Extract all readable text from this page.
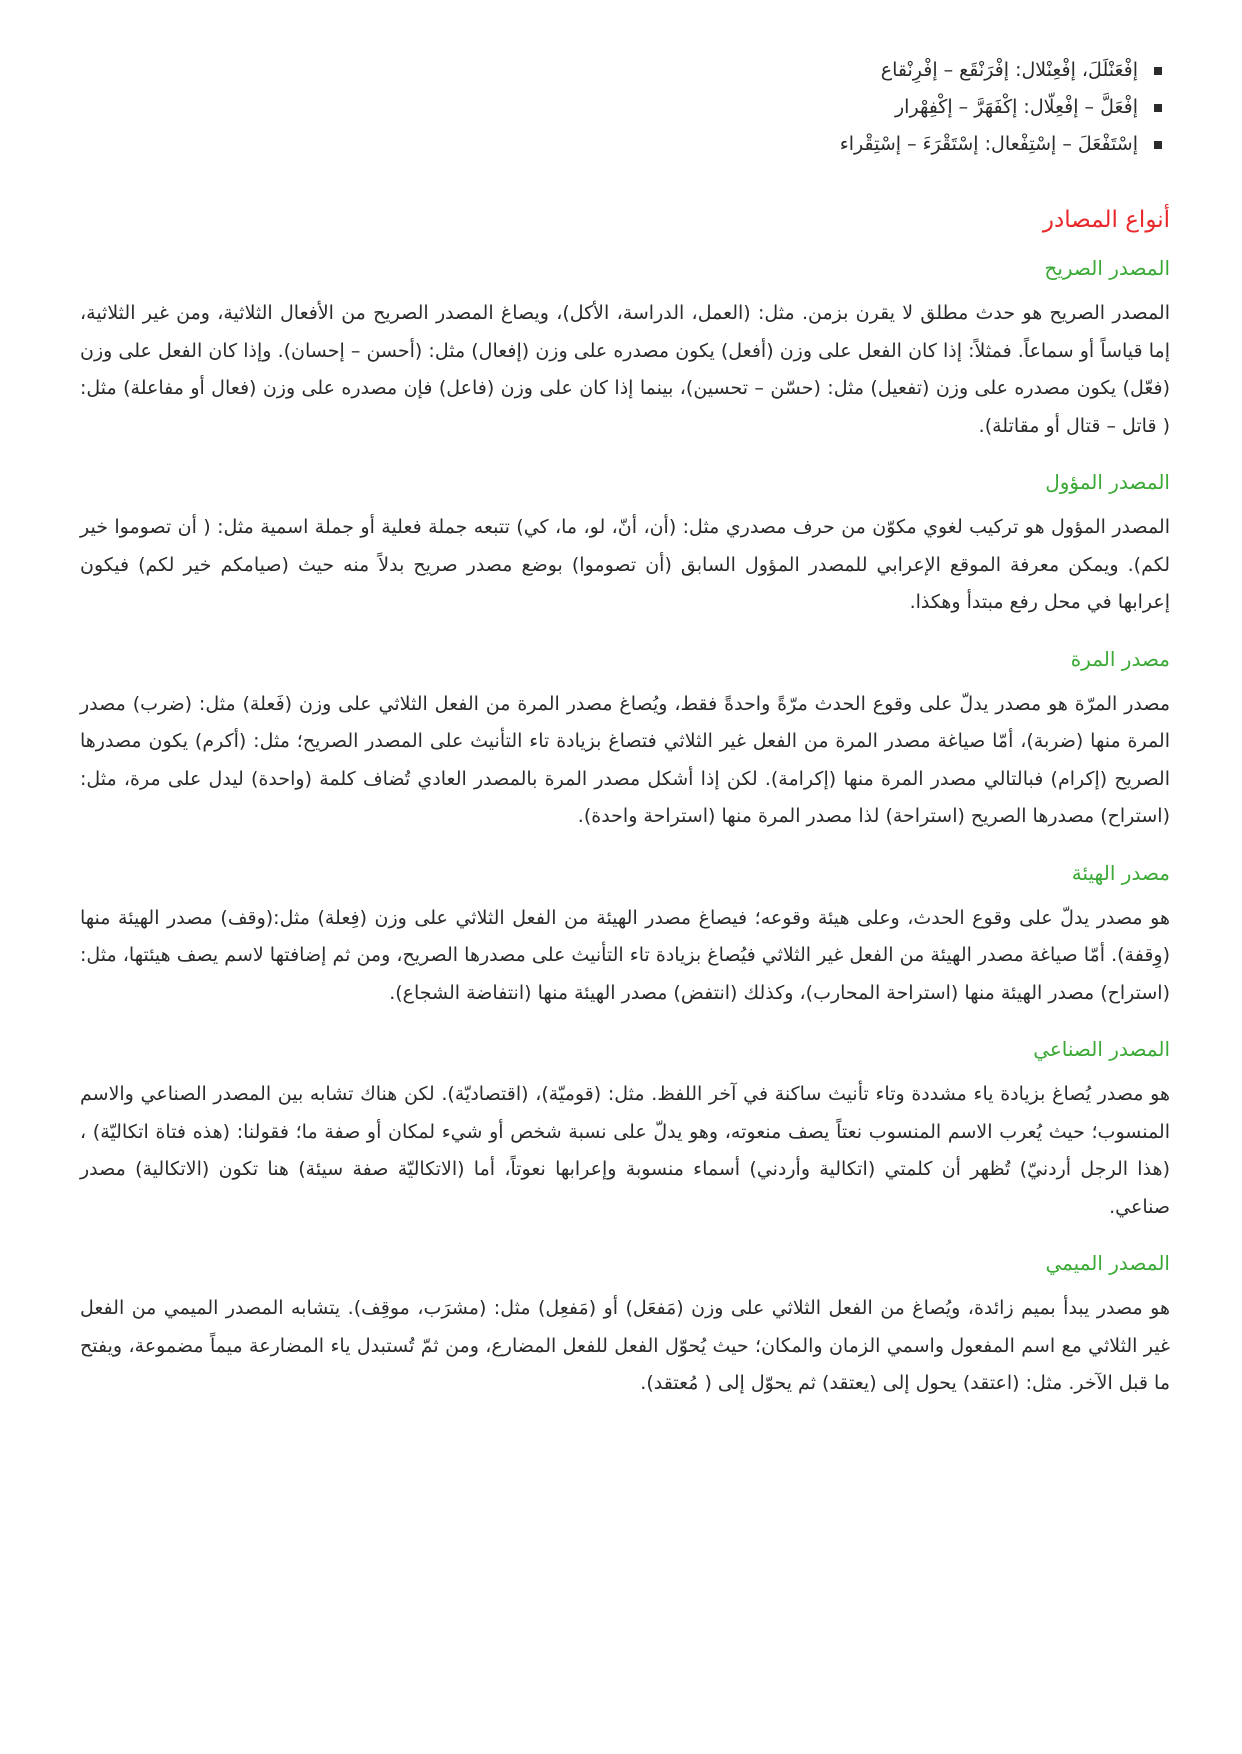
إفْعَنْلَلَ، إفْعِنْلال: إفْرَنْقَع – إفْرِنْقاع
إفْعَلَّ – إفْعِلّال: إكْفَهَرَّ – إكْفِهْرار
إسْتَفْعَلَ – إسْتِفْعال: إسْتَقْرَءَ – إسْتِقْراء
أنواع المصادر
المصدر الصريح

المصدر الصريح هو حدث مطلق لا يقرن بزمن. مثل: (العمل، الدراسة، الأكل)، ويصاغ المصدر الصريح من الأفعال الثلاثية، ومن غير الثلاثية، إما قياساً أو سماعاً. فمثلاً: إذا كان الفعل على وزن (أفعل) يكون مصدره على وزن (إفعال) مثل: (أحسن – إحسان). وإذا كان الفعل على وزن (فعّل) يكون مصدره على وزن (تفعيل) مثل: (حسّن – تحسين)، بينما إذا كان على وزن (فاعل) فإن مصدره على وزن (فعال أو مفاعلة) مثل: ( قاتل – قتال أو مقاتلة).

المصدر المؤول

المصدر المؤول هو تركيب لغوي مكوّن من حرف مصدري مثل: (أن، أنّ، لو، ما، كي) تتبعه جملة فعلية أو جملة اسمية مثل: ( أن تصوموا خير لكم). ويمكن معرفة الموقع الإعرابي للمصدر المؤول السابق (أن تصوموا) بوضع مصدر صريح بدلاً منه حيث (صيامكم خير لكم) فيكون إعرابها في محل رفع مبتدأ وهكذا.

مصدر المرة

مصدر المرّة هو مصدر يدلّ على وقوع الحدث مرّةً واحدةً فقط، ويُصاغ مصدر المرة من الفعل الثلاثي على وزن (فَعلة) مثل: (ضرب) مصدر المرة منها (ضربة)، أمّا صياغة مصدر المرة من الفعل غير الثلاثي فتصاغ بزيادة تاء التأنيث على المصدر الصريح؛ مثل: (أكرم) يكون مصدرها الصريح (إكرام) فبالتالي مصدر المرة منها (إكرامة). لكن إذا أشكل مصدر المرة بالمصدر العادي تُضاف كلمة (واحدة) ليدل على مرة، مثل: (استراح) مصدرها الصريح (استراحة) لذا مصدر المرة منها (استراحة واحدة).

مصدر الهيئة

هو مصدر يدلّ على وقوع الحدث، وعلى هيئة وقوعه؛ فيصاغ مصدر الهيئة من الفعل الثلاثي على وزن (فِعلة) مثل:(وقف) مصدر الهيئة منها (وِقفة). أمّا صياغة مصدر الهيئة من الفعل غير الثلاثي فيُصاغ بزيادة تاء التأنيث على مصدرها الصريح، ومن ثم إضافتها لاسم يصف هيئتها، مثل: (استراح) مصدر الهيئة منها (استراحة المحارب)، وكذلك (انتفض) مصدر الهيئة منها (انتفاضة الشجاع).

المصدر الصناعي

هو مصدر يُصاغ بزيادة ياء مشددة وتاء تأنيث ساكنة في آخر اللفظ. مثل: (قوميّة)، (اقتصاديّة). لكن هناك تشابه بين المصدر الصناعي والاسم المنسوب؛ حيث يُعرب الاسم المنسوب نعتاً يصف منعوته، وهو يدلّ على نسبة شخص أو شيء لمكان أو صفة ما؛ فقولنا: (هذه فتاة اتكاليّة) ، (هذا الرجل أردنيّ) تُظهر أن كلمتي (اتكالية وأردني) أسماء منسوبة وإعرابها نعوتاً، أما (الاتكاليّة صفة سيئة) هنا تكون (الاتكالية) مصدر صناعي.

المصدر الميمي

هو مصدر يبدأ بميم زائدة، ويُصاغ من الفعل الثلاثي على وزن (مَفعَل) أو (مَفعِل) مثل: (مشرَب، موقِف). يتشابه المصدر الميمي من الفعل غير الثلاثي مع اسم المفعول واسمي الزمان والمكان؛ حيث يُحوّل الفعل للفعل المضارع، ومن ثمّ تُستبدل ياء المضارعة ميماً مضموعة، ويفتح ما قبل الآخر. مثل: (اعتقد) يحول إلى (يعتقد) ثم يحوّل إلى ( مُعتقد).
